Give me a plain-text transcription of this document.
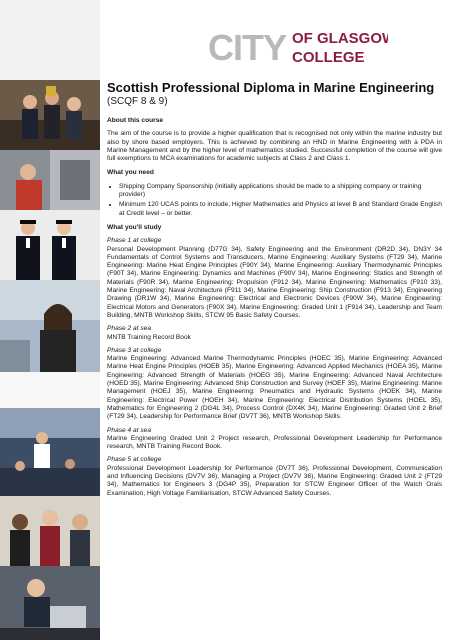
CITY OF GLASGOW
COLLEGE
Scottish Professional Diploma in Marine Engineering
(SCQF 8 & 9)
About this course

The aim of the course is to provide a higher qualification that is recognised not only within the marine industry but also by shore based employers. This is achieved by combining an HND in Marine Engineering with a PDA in Marine Management and by the higher level of mathematics studied. Successful completion of the course will give full exemptions to MCA examinations for academic subjects at Class 2 and Class 1.

What you need
• Shipping Company Sponsorship (initially applications should be made to a shipping company or training provider)
• Minimum 120 UCAS points to include, Higher Mathematics and Physics at level B and Standard Grade English at Credit level – or better.
What you'll study
Phase 1 at college

Personal Development Planning (D77G 34), Safety Engineering and the Environment (DR2D 34), DN3Y 34 Fundamentals of Control Systems and Transducers, Marine Engineering: Auxiliary Systems (FT29 34), Marine Engineering: Marine Heat Engine Principles (F90Y 34), Marine Engineering: Auxiliary Thermodynamic Principles (F90T 34), Marine Engineering: Dynamics and Machines (F90V 34), Marine Engineering: Statics and Strength of Materials (F90R 34), Marine Engineering: Propulsion (F912 34), Marine Engineering: Mathematics (F910 33), Marine Engineering: Naval Architecture (F911 34), Marine Engineering: Ship Construction (F913 34), Engineering Drawing (DR1W 34), Marine Engineering: Electrical and Electronic Devices (F90W 34), Marine Engineering: Electrical Motors and Generators (F90X 34), Marine Engineering: Graded Unit 1 (F914 34), Leadership and Team Building, MNTB Workshop Skills, STCW 95 Basic Safety Courses.

Phase 2 at sea

MNTB Training Record Book

Phase 3 at college

Marine Engineering: Advanced Marine Thermodynamic Principles (HOEC 35), Marine Engineering: Advanced Marine Heat Engine Principles (HOEB 35), Marine Engineering: Advanced Applied Mechanics (HOEA 35), Marine Engineering: Advanced Strength of Materials (HOEG 35), Marine Engineering: Advanced Naval Architecture (HOED 35), Marine Engineering: Advanced Ship Construction and Survey (HOEF 35), Marine Engineering: Marine Management (HOEJ 35), Marine Engineering: Pneumatics and Hydraulic Systems (HOEK 34), Marine Engineering: Electrical Power (HOEH 34), Marine Engineering: Electrical Distribution Systems (HOEL 35), Mathematics for Engineering 2 (DG4L 34), Process Control (DX4K 34), Marine Engineering: Graded Unit 2 Brief (FT29 34), Leadership for Performance Brief (DV7T 36), MNTB Workshop Skills.

Phase 4 at sea

Marine Engineering Graded Unit 2 Project research, Professional Development Leadership for Performance research, MNTB Training Record Book.

Phase 5 at college

Professional Development Leadership for Performance (DV7T 36), Professional Development, Communication and Influencing Decisions (DV7V 36), Managing a Project (DV7V 36), Marine Engineering: Graded Unit 2 (FT29 34), Mathematics for Engineers 3 (DG4P 35), Preparation for STCW Engineer Officer of the Watch Orals Examination, High Voltage Familiarisation, STCW Advanced Safety Courses.
